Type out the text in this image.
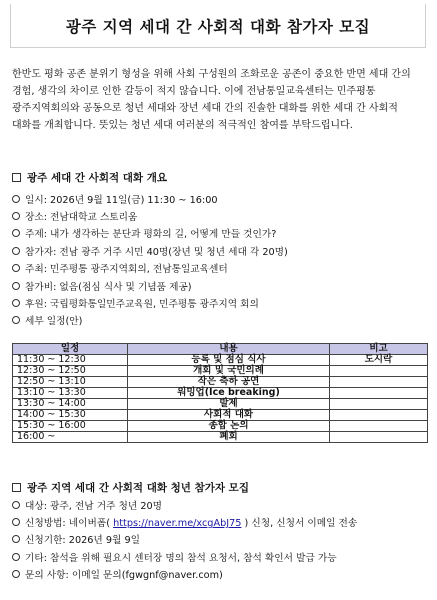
광주 지역 세대 간 사회적 대화 참가자 모집
한반도 평화 공존 분위기 형성을 위해 사회 구성원의 조화로운 공존이 중요한 반면 세대 간의 경험, 생각의 차이로 인한 갈등이 적지 않습니다. 이에 전남통일교육센터는 민주평통 광주지역회의와 공동으로 청년 세대와 장년 세대 간의 진솔한 대화를 위한 세대 간 사회적 대화를 개최합니다. 뜻있는 청년 세대 여러분의 적극적인 참여를 부탁드립니다.
광주 세대 간 사회적 대화 개요
일시: 2026년 9월 11일(금) 11:30 ~ 16:00
장소: 전남대학교 스토리움
주제: 내가 생각하는 분단과 평화의 길, 어떻게 만들 것인가?
참가자: 전남 광주 거주 시민 40명(장년 및 청년 세대 각 20명)
주최: 민주평통 광주지역회의, 전남통일교육센터
참가비: 없음(점심 식사 및 기념품 제공)
후원: 국립평화통일민주교육원, 민주평통 광주지역 회의
세부 일정(안)
일정	내용	비고
11:30 ~ 12:30	등록 및 점심 식사	도시락
12:30 ~ 12:50	개회 및 국민의례	
12:50 ~ 13:10	작은 축하 공연	
13:10 ~ 13:30	워밍업(Ice breaking)	
13:30 ~ 14:00	발제	
14:00 ~ 15:30	사회적 대화	
15:30 ~ 16:00	종합 논의	
16:00 ~	폐회	
광주 지역 세대 간 사회적 대화 청년 참가자 모집
대상: 광주, 전남 거주 청년 20명
신청방법: 네이버폼( https://naver.me/xcgAbJ75 ) 신청, 신청서 이메일 전송
신청기한: 2026년 9월 9일
기타: 참석을 위해 필요시 센터장 명의 참석 요청서, 참석 확인서 발급 가능
문의 사항: 이메일 문의(fgwgnf@naver.com)
